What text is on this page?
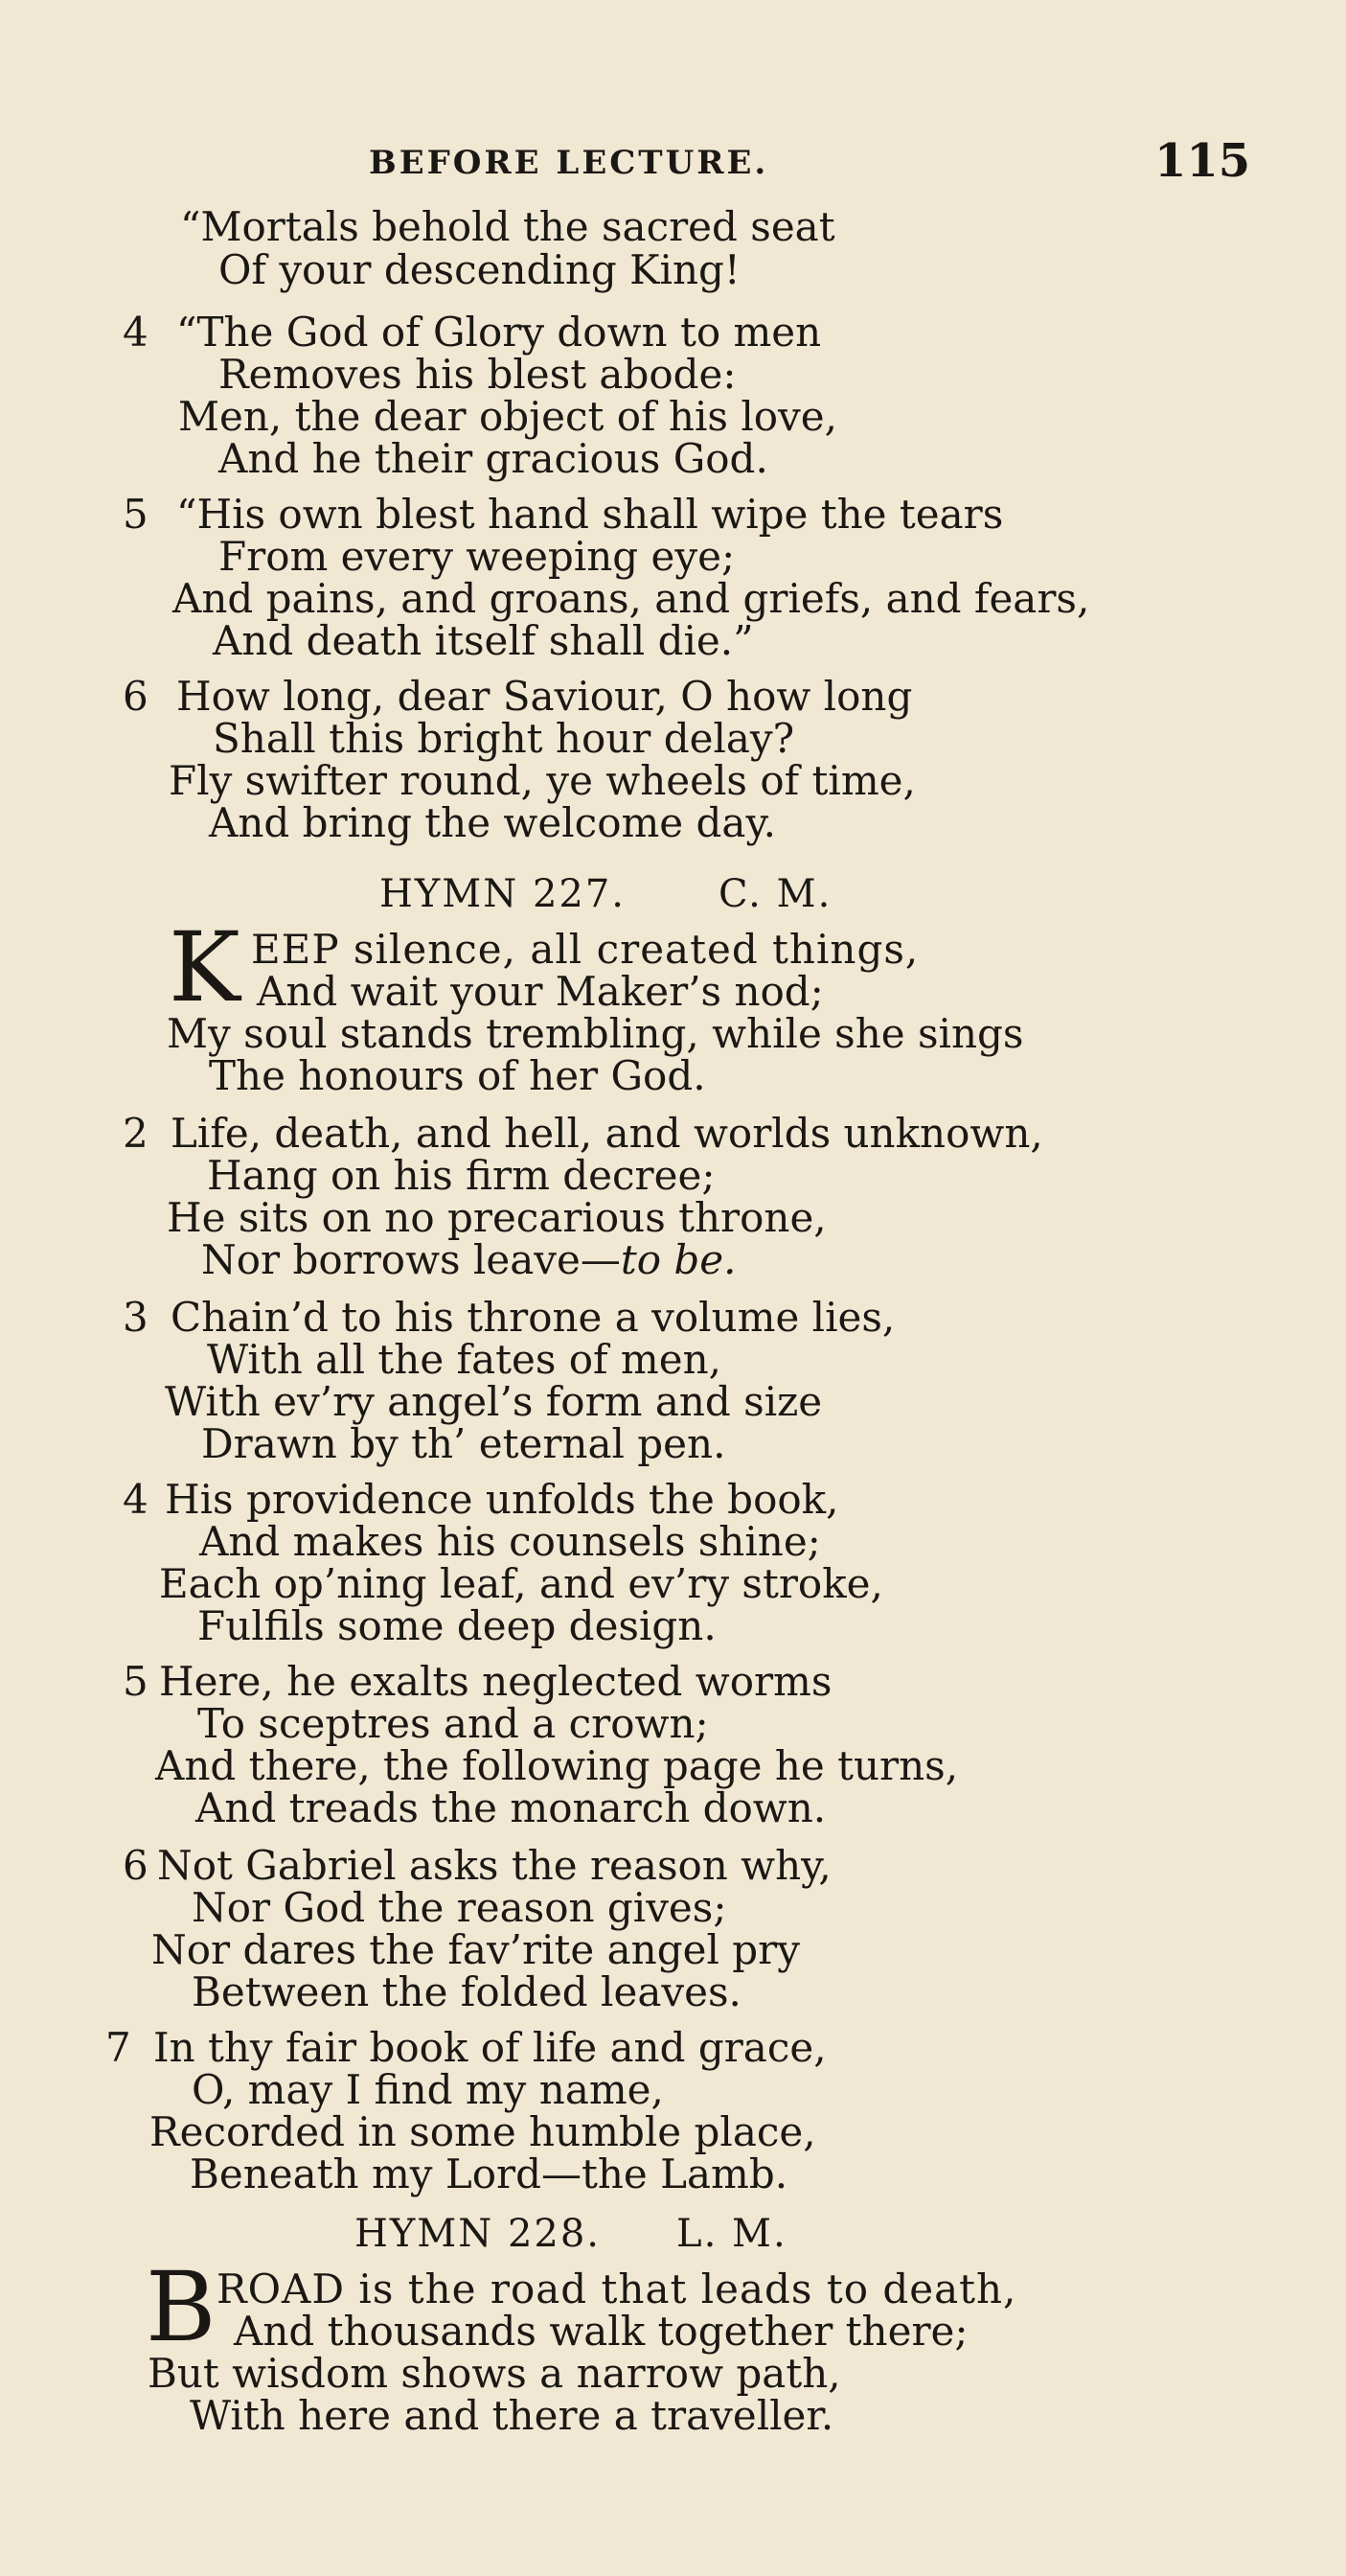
BEFORE LECTURE.	115
“Mortals behold the sacred seat
Of your descending King!
4 “The God of Glory down to men
Removes his blest abode:
Men, the dear object of his love,
And he their gracious God.
5 “His own blest hand shall wipe the tears
From every weeping eye;
And pains, and groans, and griefs, and fears,
And death itself shall die.”
6 How long, dear Saviour, O how long
Shall this bright hour delay?
Fly swifter round, ye wheels of time,
And bring the welcome day.
HYMN 227. C. M.
K EEP silence, all created things,
And wait your Maker’s nod;
My soul stands trembling, while she sings
The honours of her God.
2 Life, death, and hell, and worlds unknown,
Hang on his firm decree;
He sits on no precarious throne,
Nor borrows leave—to be.
3 Chain’d to his throne a volume lies,
With all the fates of men,
With ev’ry angel’s form and size
Drawn by th’ eternal pen.
4 His providence unfolds the book,
And makes his counsels shine;
Each op’ning leaf, and ev’ry stroke,
Fulfils some deep design.
5 Here, he exalts neglected worms
To sceptres and a crown;
And there, the following page he turns,
And treads the monarch down.
6 Not Gabriel asks the reason why,
Nor God the reason gives;
Nor dares the fav’rite angel pry
Between the folded leaves.
7 In thy fair book of life and grace,
O, may I find my name,
Recorded in some humble place,
Beneath my Lord—the Lamb.
HYMN 228. L. M.
B ROAD is the road that leads to death,
And thousands walk together there;
But wisdom shows a narrow path,
With here and there a traveller.
